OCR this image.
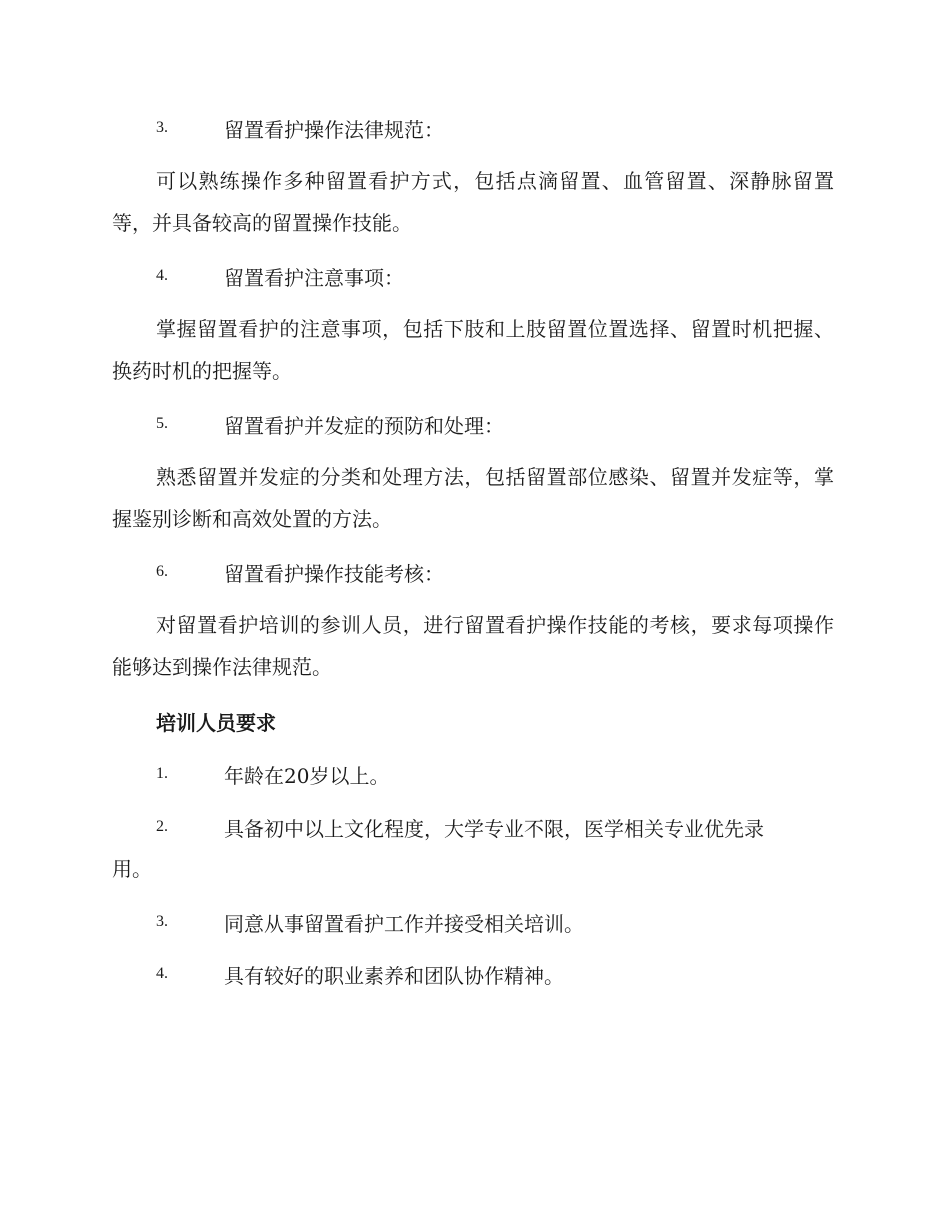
3.	留置看护操作法律规范：

可以熟练操作多种留置看护方式，包括点滴留置、血管留置、深静脉留置等，并具备较高的留置操作技能。

4.	留置看护注意事项：

掌握留置看护的注意事项，包括下肢和上肢留置位置选择、留置时机把握、换药时机的把握等。

5.	留置看护并发症的预防和处理：

熟悉留置并发症的分类和处理方法，包括留置部位感染、留置并发症等，掌握鉴别诊断和高效处置的方法。

6.	留置看护操作技能考核：

对留置看护培训的参训人员，进行留置看护操作技能的考核，要求每项操作能够达到操作法律规范。

培训人员要求
1.	年龄在20岁以上。
2.	具备初中以上文化程度，大学专业不限，医学相关专业优先录
用。
3.	同意从事留置看护工作并接受相关培训。
4.	具有较好的职业素养和团队协作精神。
